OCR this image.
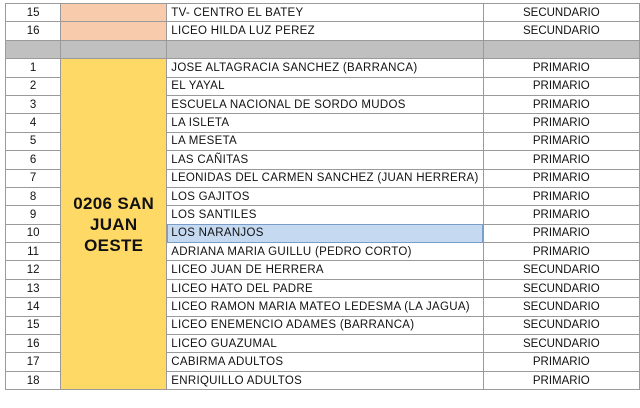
15		TV- CENTRO EL BATEY	SECUNDARIO
16		LICEO HILDA LUZ PEREZ	SECUNDARIO

1	0206 SAN JUAN OESTE	JOSE ALTAGRACIA SANCHEZ (BARRANCA)	PRIMARIO
2		EL YAYAL	PRIMARIO
3		ESCUELA NACIONAL DE SORDO MUDOS	PRIMARIO
4		LA ISLETA	PRIMARIO
5		LA MESETA	PRIMARIO
6		LAS CAÑITAS	PRIMARIO
7		LEONIDAS DEL CARMEN SANCHEZ (JUAN HERRERA)	PRIMARIO
8		LOS GAJITOS	PRIMARIO
9		LOS SANTILES	PRIMARIO
10		LOS NARANJOS	PRIMARIO
11		ADRIANA MARIA GUILLU (PEDRO CORTO)	PRIMARIO
12		LICEO JUAN DE HERRERA	SECUNDARIO
13		LICEO HATO DEL PADRE	SECUNDARIO
14		LICEO RAMON MARIA MATEO LEDESMA (LA JAGUA)	SECUNDARIO
15		LICEO ENEMENCIO ADAMES (BARRANCA)	SECUNDARIO
16		LICEO GUAZUMAL	SECUNDARIO
17		CABIRMA ADULTOS	PRIMARIO
18		ENRIQUILLO ADULTOS	PRIMARIO
